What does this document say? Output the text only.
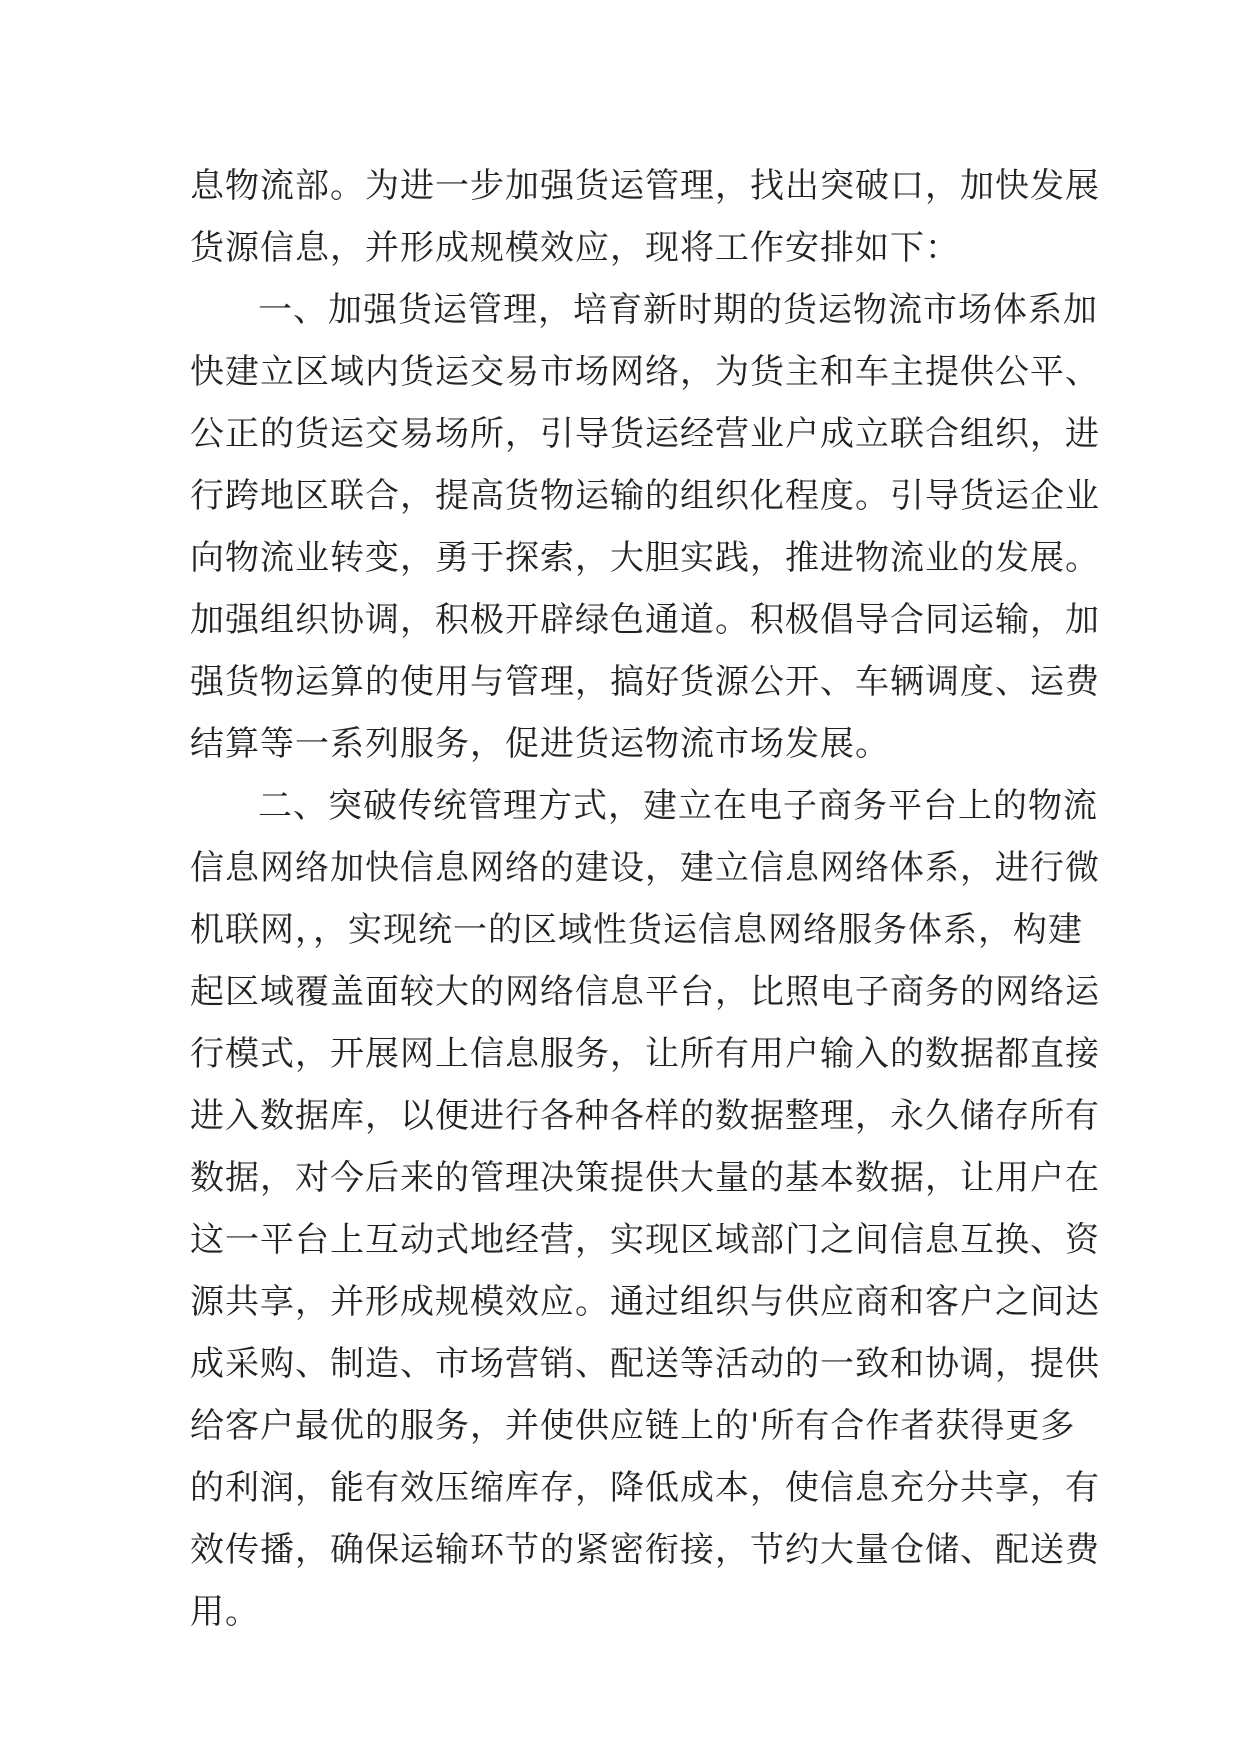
息物流部。为进一步加强货运管理，找出突破口，加快发展
货源信息，并形成规模效应，现将工作安排如下：
一、加强货运管理，培育新时期的货运物流市场体系加
快建立区域内货运交易市场网络，为货主和车主提供公平、
公正的货运交易场所，引导货运经营业户成立联合组织，进
行跨地区联合，提高货物运输的组织化程度。引导货运企业
向物流业转变，勇于探索，大胆实践，推进物流业的发展。
加强组织协调，积极开辟绿色通道。积极倡导合同运输，加
强货物运算的使用与管理，搞好货源公开、车辆调度、运费
结算等一系列服务，促进货运物流市场发展。
二、突破传统管理方式，建立在电子商务平台上的物流
信息网络加快信息网络的建设，建立信息网络体系，进行微
机联网，，实现统一的区域性货运信息网络服务体系，构建
起区域覆盖面较大的网络信息平台，比照电子商务的网络运
行模式，开展网上信息服务，让所有用户输入的数据都直接
进入数据库，以便进行各种各样的数据整理，永久储存所有
数据，对今后来的管理决策提供大量的基本数据，让用户在
这一平台上互动式地经营，实现区域部门之间信息互换、资
源共享，并形成规模效应。通过组织与供应商和客户之间达
成采购、制造、市场营销、配送等活动的一致和协调，提供
给客户最优的服务，并使供应链上的'所有合作者获得更多
的利润，能有效压缩库存，降低成本，使信息充分共享，有
效传播，确保运输环节的紧密衔接，节约大量仓储、配送费
用。
